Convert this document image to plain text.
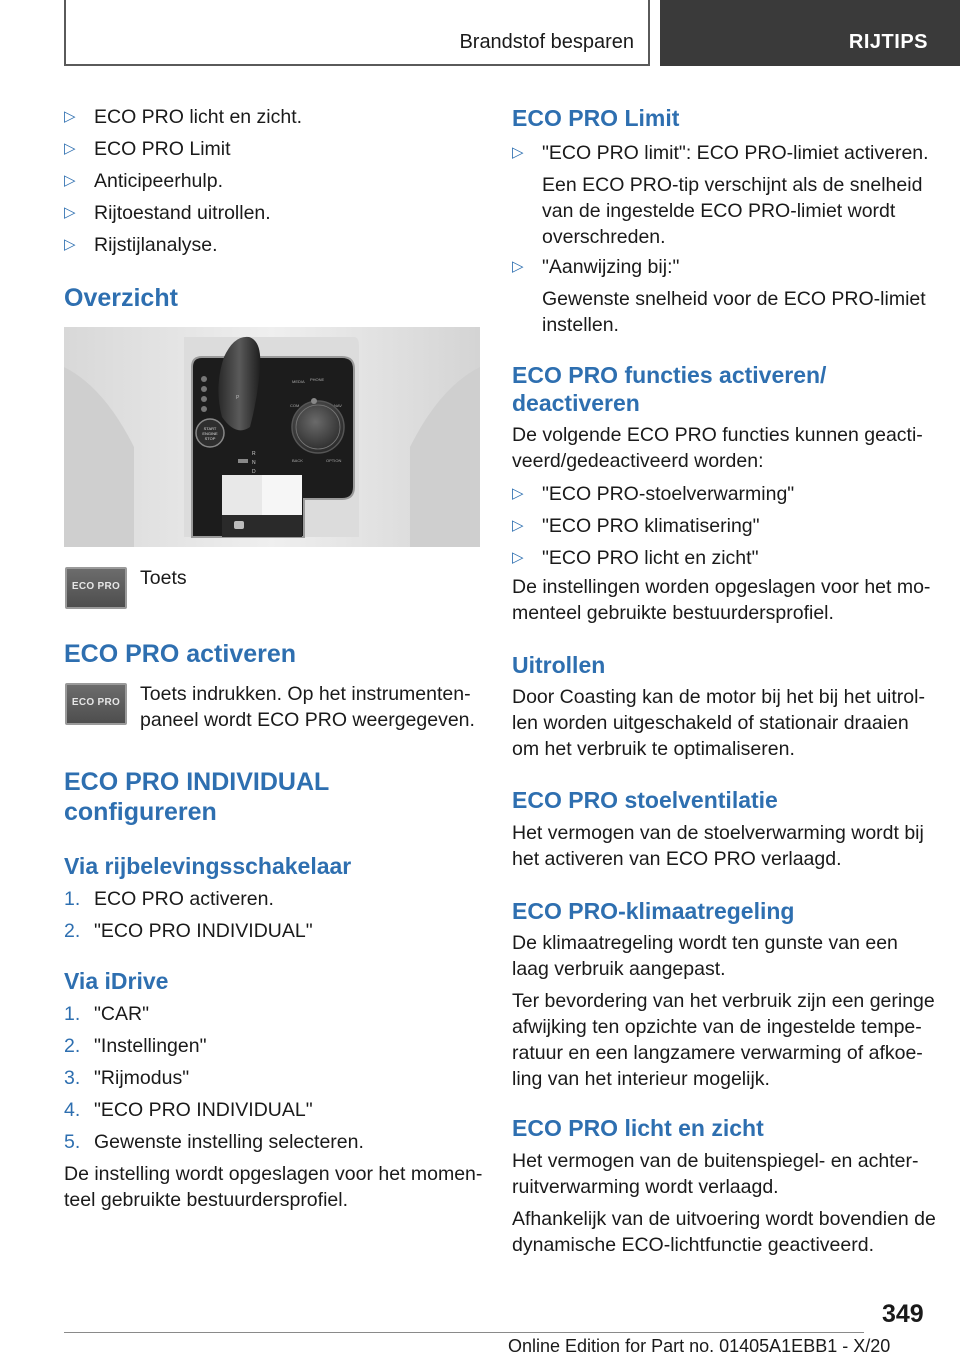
Brandstof besparen	RIJTIPS
▷ ECO PRO licht en zicht.
▷ ECO PRO Limit
▷ Anticipeerhulp.
▷ Rijtoestand uitrollen.
▷ Rijstijlanalyse.
Overzicht
P
START
ENGINE
STOP
MEDIA PHONE
COM	NAV
BACK	OPTION
R
N
D
ECO PRO Toets
ECO PRO activeren
ECO PRO Toets indrukken. Op het instrumenten-
paneel wordt ECO PRO weergegeven.
ECO PRO INDIVIDUAL
configureren
Via rijbelevingsschakelaar
1. ECO PRO activeren.
2. "ECO PRO INDIVIDUAL"
Via iDrive
1. "CAR"
2. "Instellingen"
3. "Rijmodus"
4. "ECO PRO INDIVIDUAL"
5. Gewenste instelling selecteren.
De instelling wordt opgeslagen voor het momen-
teel gebruikte bestuurdersprofiel.
ECO PRO Limit
▷ "ECO PRO limit": ECO PRO-limiet activeren.
Een ECO PRO-tip verschijnt als de snelheid
van de ingestelde ECO PRO-limiet wordt
overschreden.
▷ "Aanwijzing bij:"
Gewenste snelheid voor de ECO PRO-limiet
instellen.
ECO PRO functies activeren/
deactiveren
De volgende ECO PRO functies kunnen geacti-
veerd/gedeactiveerd worden:
▷ "ECO PRO-stoelverwarming"
▷ "ECO PRO klimatisering"
▷ "ECO PRO licht en zicht"
De instellingen worden opgeslagen voor het mo-
menteel gebruikte bestuurdersprofiel.
Uitrollen
Door Coasting kan de motor bij het bij het uitrol-
len worden uitgeschakeld of stationair draaien
om het verbruik te optimaliseren.
ECO PRO stoelventilatie
Het vermogen van de stoelverwarming wordt bij
het activeren van ECO PRO verlaagd.
ECO PRO-klimaatregeling
De klimaatregeling wordt ten gunste van een
laag verbruik aangepast.
Ter bevordering van het verbruik zijn een geringe
afwijking ten opzichte van de ingestelde tempe-
ratuur en een langzamere verwarming of afkoe-
ling van het interieur mogelijk.
ECO PRO licht en zicht
Het vermogen van de buitenspiegel- en achter-
ruitverwarming wordt verlaagd.
Afhankelijk van de uitvoering wordt bovendien de
dynamische ECO-lichtfunctie geactiveerd.
349
Online Edition for Part no. 01405A1EBB1 - X/20
